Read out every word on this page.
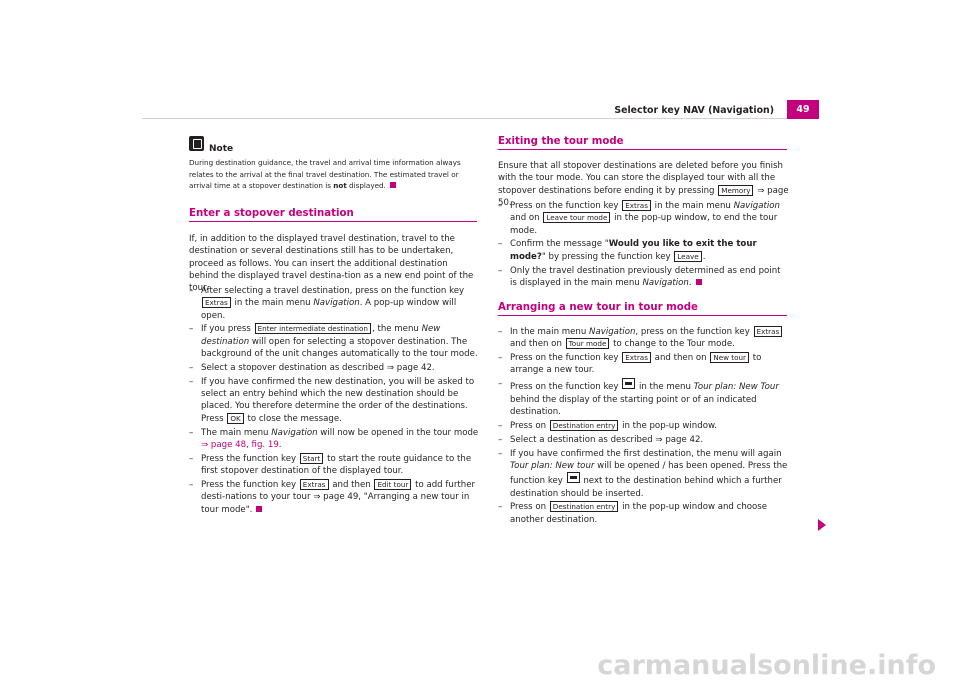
Selector key NAV (Navigation)	49
Note
During destination guidance, the travel and arrival time information always relates to the arrival at the final travel destination. The estimated travel or arrival time at a stopover destination is not displayed.
Enter a stopover destination
If, in addition to the displayed travel destination, travel to the destination or several destinations still has to be undertaken, proceed as follows. You can insert the additional destination behind the displayed travel destina-tion as a new end point of the tour.
– After selecting a travel destination, press on the function key Extras in the main menu Navigation. A pop-up window will open.
– If you press Enter intermediate destination , the menu New destination will open for selecting a stopover destination. The background of the unit changes automatically to the tour mode.
– Select a stopover destination as described ⇒ page 42.
– If you have confirmed the new destination, you will be asked to select an entry behind which the new destination should be placed. You therefore determine the order of the destinations. Press OK to close the message.
– The main menu Navigation will now be opened in the tour mode
⇒ page 48, fig. 19.
– Press the function key Start to start the route guidance to the first stopover destination of the displayed tour.
– Press the function key Extras and then Edit tour to add further desti-nations to your tour ⇒ page 49, "Arranging a new tour in tour mode".
Exiting the tour mode
Ensure that all stopover destinations are deleted before you finish with the tour mode. You can store the displayed tour with all the stopover destinations before ending it by pressing Memory ⇒ page 50.
– Press on the function key Extras in the main menu Navigation and on Leave tour mode in the pop-up window, to end the tour mode.
– Confirm the message "Would you like to exit the tour mode?" by pressing the function key Leave .
– Only the travel destination previously determined as end point is displayed in the main menu Navigation.
Arranging a new tour in tour mode
– In the main menu Navigation, press on the function key Extras and then on Tour mode to change to the Tour mode.
– Press on the function key Extras and then on New tour to arrange a new tour.
– Press on the function key  in the menu Tour plan: New Tour behind the display of the starting point or of an indicated destination.
– Press on Destination entry in the pop-up window.
– Select a destination as described ⇒ page 42.
– If you have confirmed the first destination, the menu will again Tour plan: New tour will be opened / has been opened. Press the function key  next to the destination behind which a further destination should be inserted.
– Press on Destination entry in the pop-up window and choose another destination.
carmanualsonline.info
